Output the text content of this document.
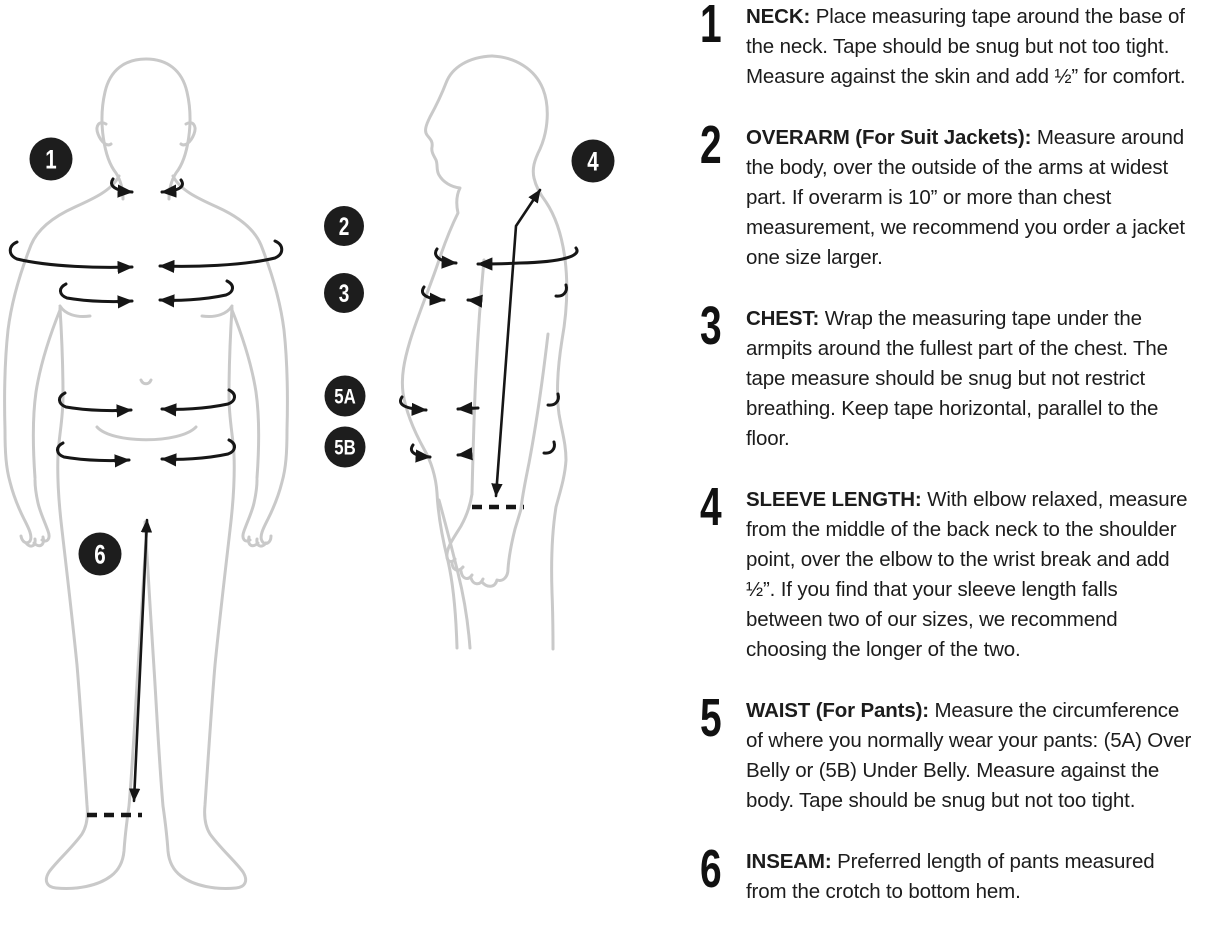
1
2
3
4
5A
5B
6
1	NECK: Place measuring tape around the base of the neck. Tape should be snug but not too tight. Measure against the skin and add ½” for comfort.
2	OVERARM (For Suit Jackets): Measure around the body, over the outside of the arms at widest part. If overarm is 10” or more than chest measurement, we recommend you order a jacket one size larger.
3	CHEST: Wrap the measuring tape under the armpits around the fullest part of the chest. The tape measure should be snug but not restrict breathing. Keep tape horizontal, parallel to the floor.
4	SLEEVE LENGTH: With elbow relaxed, measure from the middle of the back neck to the shoulder point, over the elbow to the wrist break and add ½”. If you find that your sleeve length falls between two of our sizes, we recommend choosing the longer of the two.
5	WAIST (For Pants): Measure the circumference of where you normally wear your pants: (5A) Over Belly or (5B) Under Belly. Measure against the body. Tape should be snug but not too tight.
6	INSEAM: Preferred length of pants measured from the crotch to bottom hem.
